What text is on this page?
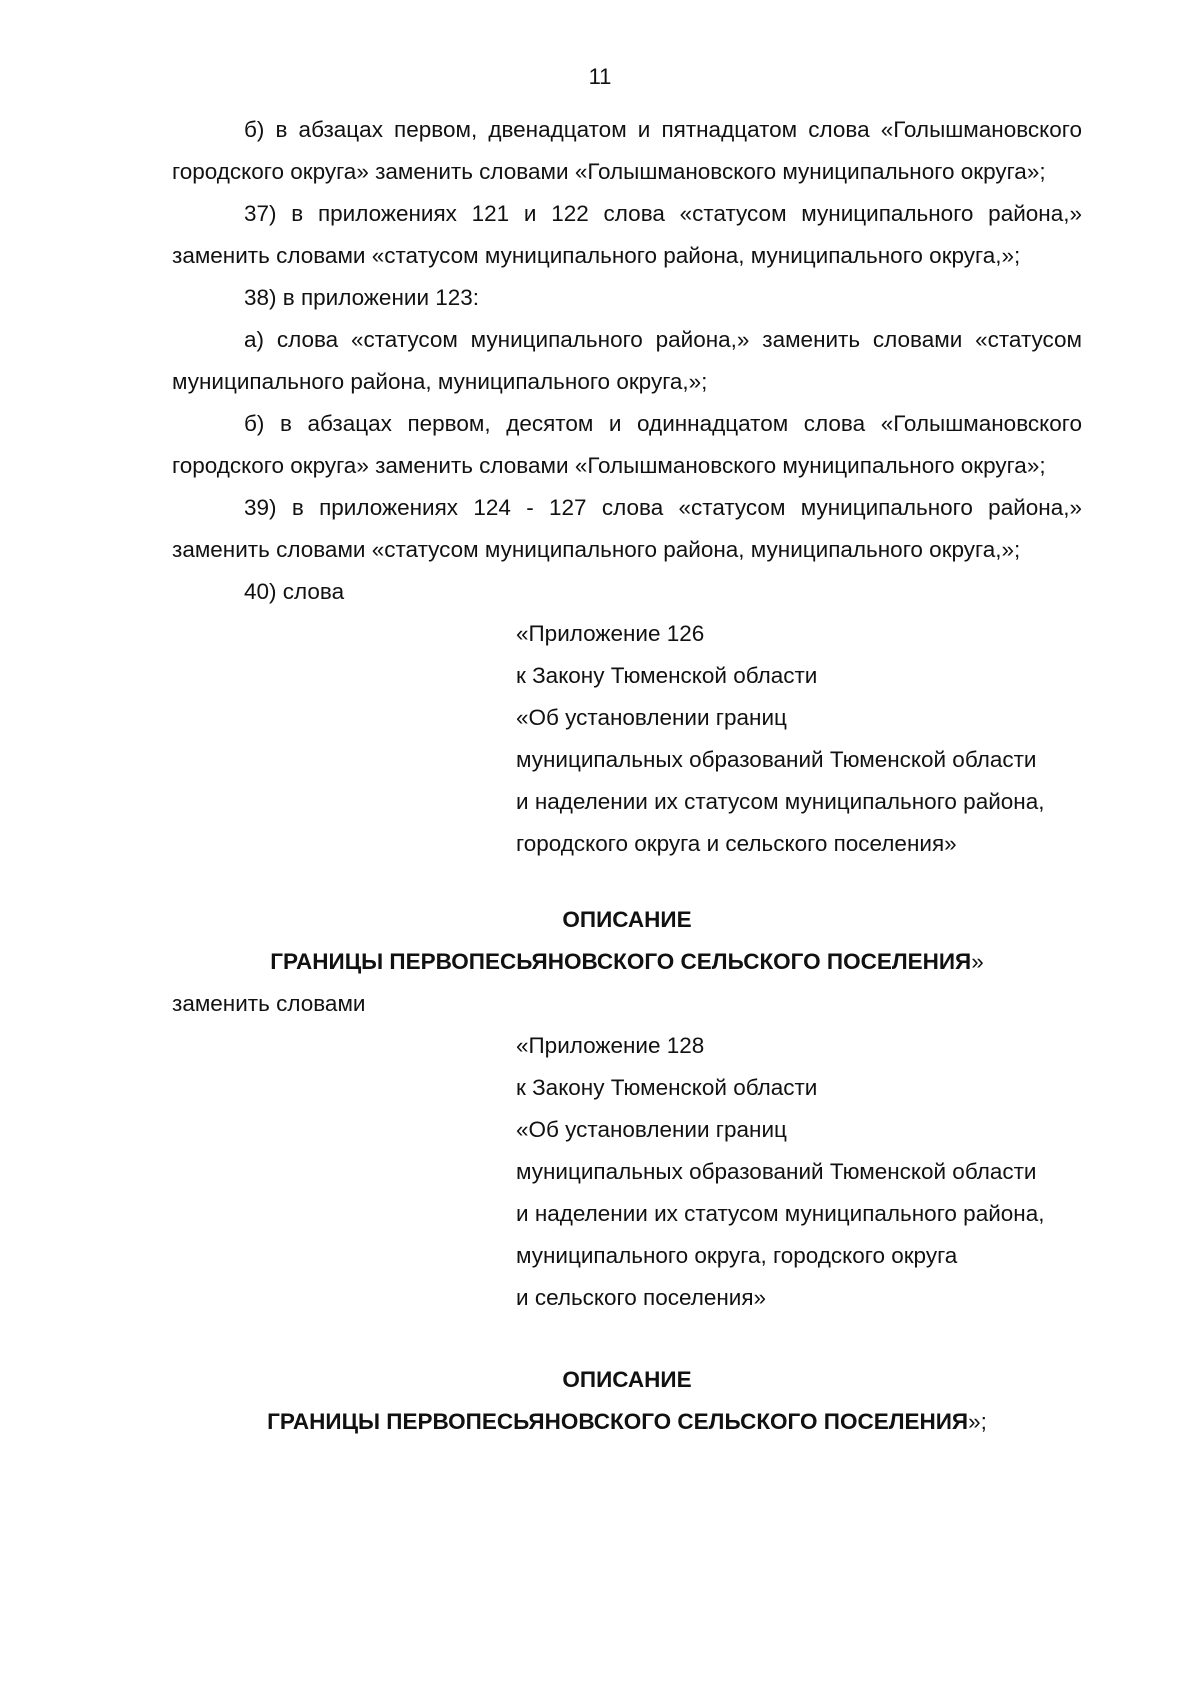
11

б) в абзацах первом, двенадцатом и пятнадцатом слова «Голышмановского городского округа» заменить словами «Голышмановского муниципального округа»;

37) в приложениях 121 и 122 слова «статусом муниципального района,» заменить словами «статусом муниципального района, муниципального округа,»;

38) в приложении 123:

а) слова «статусом муниципального района,» заменить словами «статусом муниципального района, муниципального округа,»;

б) в абзацах первом, десятом и одиннадцатом слова «Голышмановского городского округа» заменить словами «Голышмановского муниципального округа»;

39) в приложениях 124 - 127 слова «статусом муниципального района,» заменить словами «статусом муниципального района, муниципального округа,»;

40) слова

«Приложение 126
к Закону Тюменской области
«Об установлении границ
муниципальных образований Тюменской области
и наделении их статусом муниципального района,
городского округа и сельского поселения»

ОПИСАНИЕ

ГРАНИЦЫ ПЕРВОПЕСЬЯНОВСКОГО СЕЛЬСКОГО ПОСЕЛЕНИЯ»

заменить словами

«Приложение 128
к Закону Тюменской области
«Об установлении границ
муниципальных образований Тюменской области
и наделении их статусом муниципального района,
муниципального округа, городского округа
и сельского поселения»

ОПИСАНИЕ

ГРАНИЦЫ ПЕРВОПЕСЬЯНОВСКОГО СЕЛЬСКОГО ПОСЕЛЕНИЯ»;
